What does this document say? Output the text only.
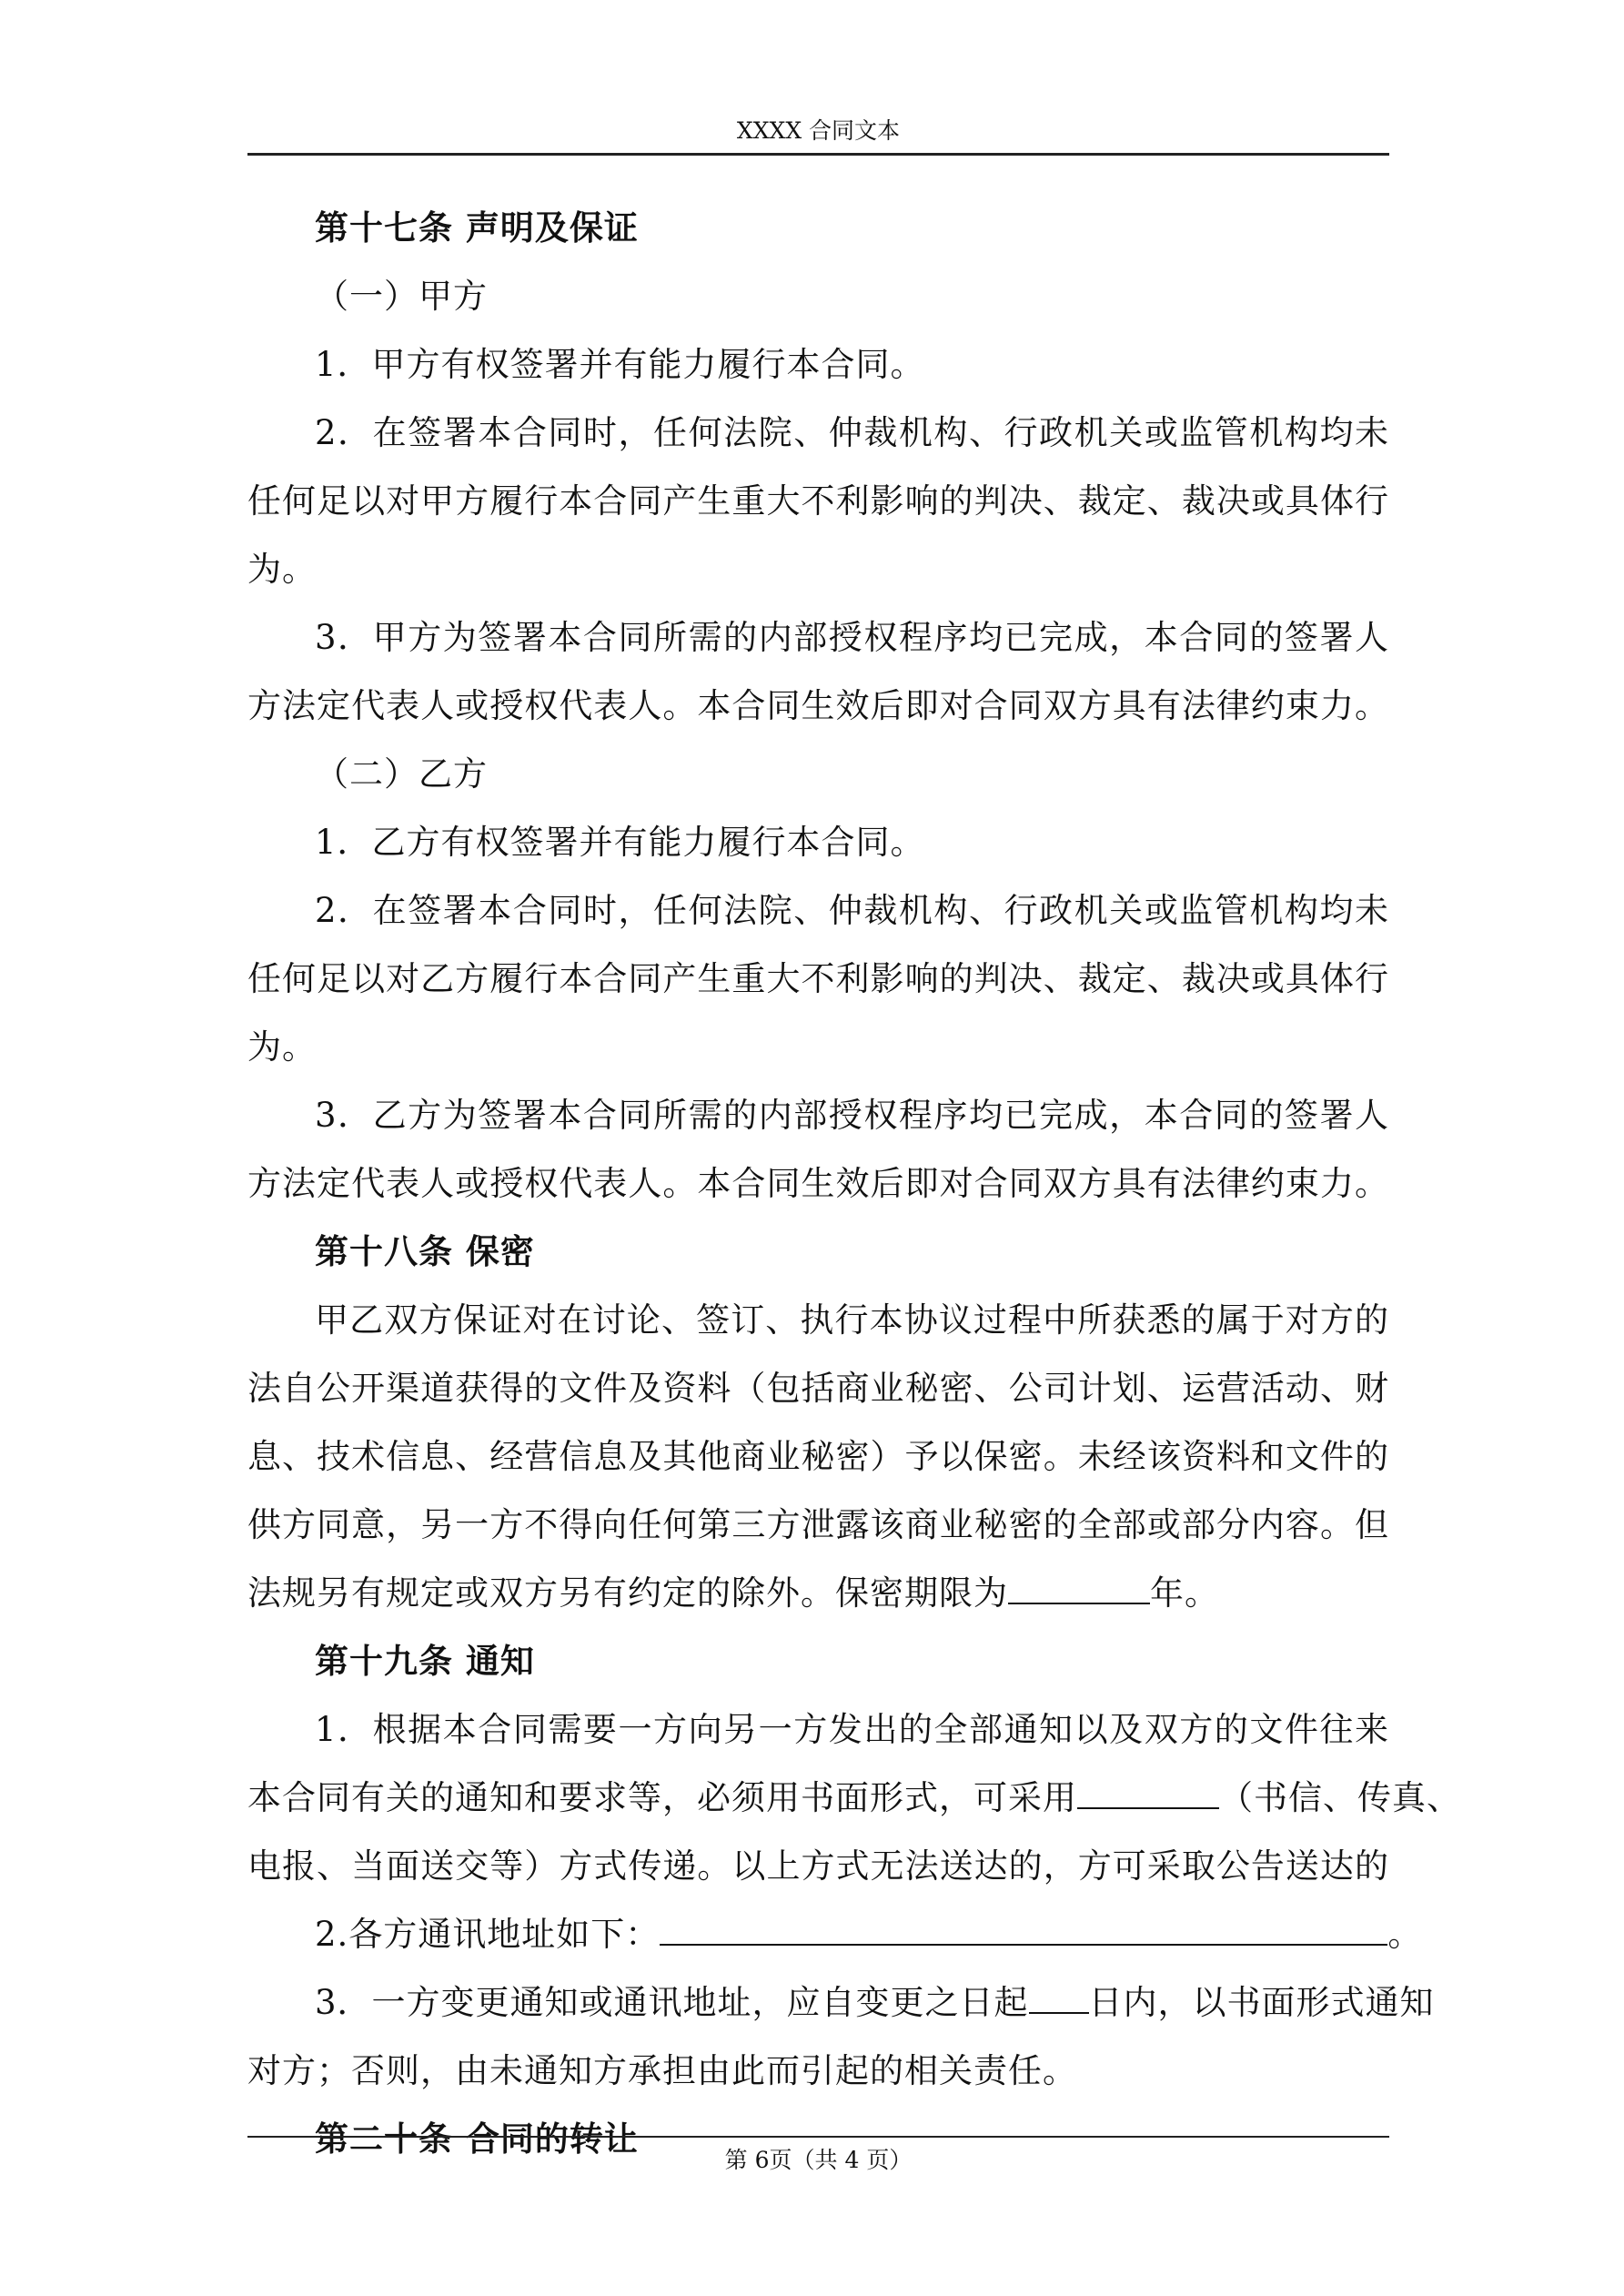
XXXX 合同文本
第十七条 声明及保证
（一）甲方
1．甲方有权签署并有能力履行本合同。
2．在签署本合同时，任何法院、仲裁机构、行政机关或监管机构均未
任何足以对甲方履行本合同产生重大不利影响的判决、裁定、裁决或具体行
为。
3．甲方为签署本合同所需的内部授权程序均已完成，本合同的签署人
方法定代表人或授权代表人。本合同生效后即对合同双方具有法律约束力。
（二）乙方
1．乙方有权签署并有能力履行本合同。
2．在签署本合同时，任何法院、仲裁机构、行政机关或监管机构均未
任何足以对乙方履行本合同产生重大不利影响的判决、裁定、裁决或具体行
为。
3．乙方为签署本合同所需的内部授权程序均已完成，本合同的签署人
方法定代表人或授权代表人。本合同生效后即对合同双方具有法律约束力。
第十八条 保密
甲乙双方保证对在讨论、签订、执行本协议过程中所获悉的属于对方的
法自公开渠道获得的文件及资料（包括商业秘密、公司计划、运营活动、财
息、技术信息、经营信息及其他商业秘密）予以保密。未经该资料和文件的
供方同意，另一方不得向任何第三方泄露该商业秘密的全部或部分内容。但
法规另有规定或双方另有约定的除外。保密期限为	年。
第十九条 通知
1．根据本合同需要一方向另一方发出的全部通知以及双方的文件往来
本合同有关的通知和要求等，必须用书面形式，可采用	（书信、传真、
电报、当面送交等）方式传递。以上方式无法送达的，方可采取公告送达的
2.各方通讯地址如下：	。
3．一方变更通知或通讯地址，应自变更之日起 日内，以书面形式通知
对方；否则，由未通知方承担由此而引起的相关责任。
第二十条 合同的转让
第 6页（共 4 页）
